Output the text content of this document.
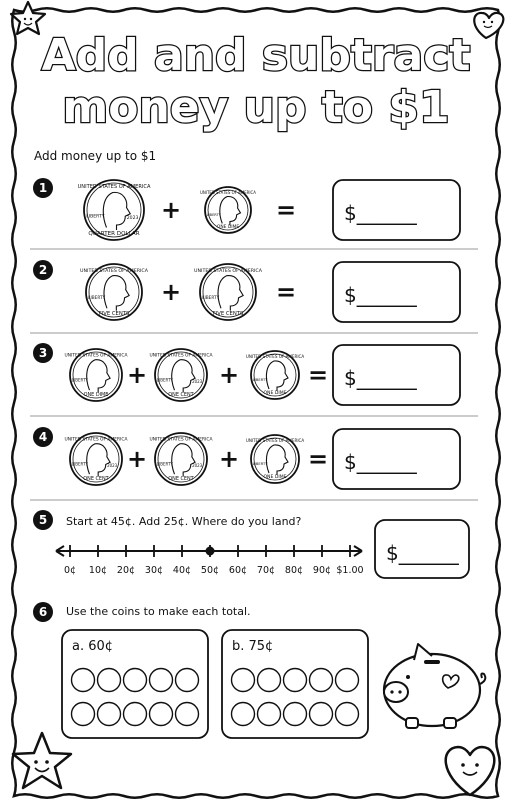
Add and subtract
money up to $1
Add money up to $1
1	UNITED STATES OF AMERICA
QUARTER DOLLAR
LIBERTY	2023
UNITED STATES OF AMERICA
ONE DIME
LIBERTY
+	= $______
2	UNITED STATES OF AMERICA
FIVE CENTS
LIBERTY
UNITED STATES OF AMERICA
FIVE CENTS
LIBERTY
+	= $______
3	UNITED STATES OF AMERICA
ONE DIME
LIBERTY
UNITED STATES OF AMERICA
ONE CENT
LIBERTY	2023
UNITED STATES OF AMERICA
ONE DIME
LIBERTY
+	+	= $______
4	UNITED STATES OF AMERICA
ONE CENT
LIBERTY	2023
UNITED STATES OF AMERICA
ONE CENT
LIBERTY	2023
UNITED STATES OF AMERICA
ONE DIME
LIBERTY
+	+	= $______
5 Start at 45¢. Add 25¢. Where do you land?
0¢ 10¢ 20¢ 30¢ 40¢ 50¢ 60¢ 70¢ 80¢ 90¢ $1.00
$______
6 Use the coins to make each total.
a. 60¢	b. 75¢
